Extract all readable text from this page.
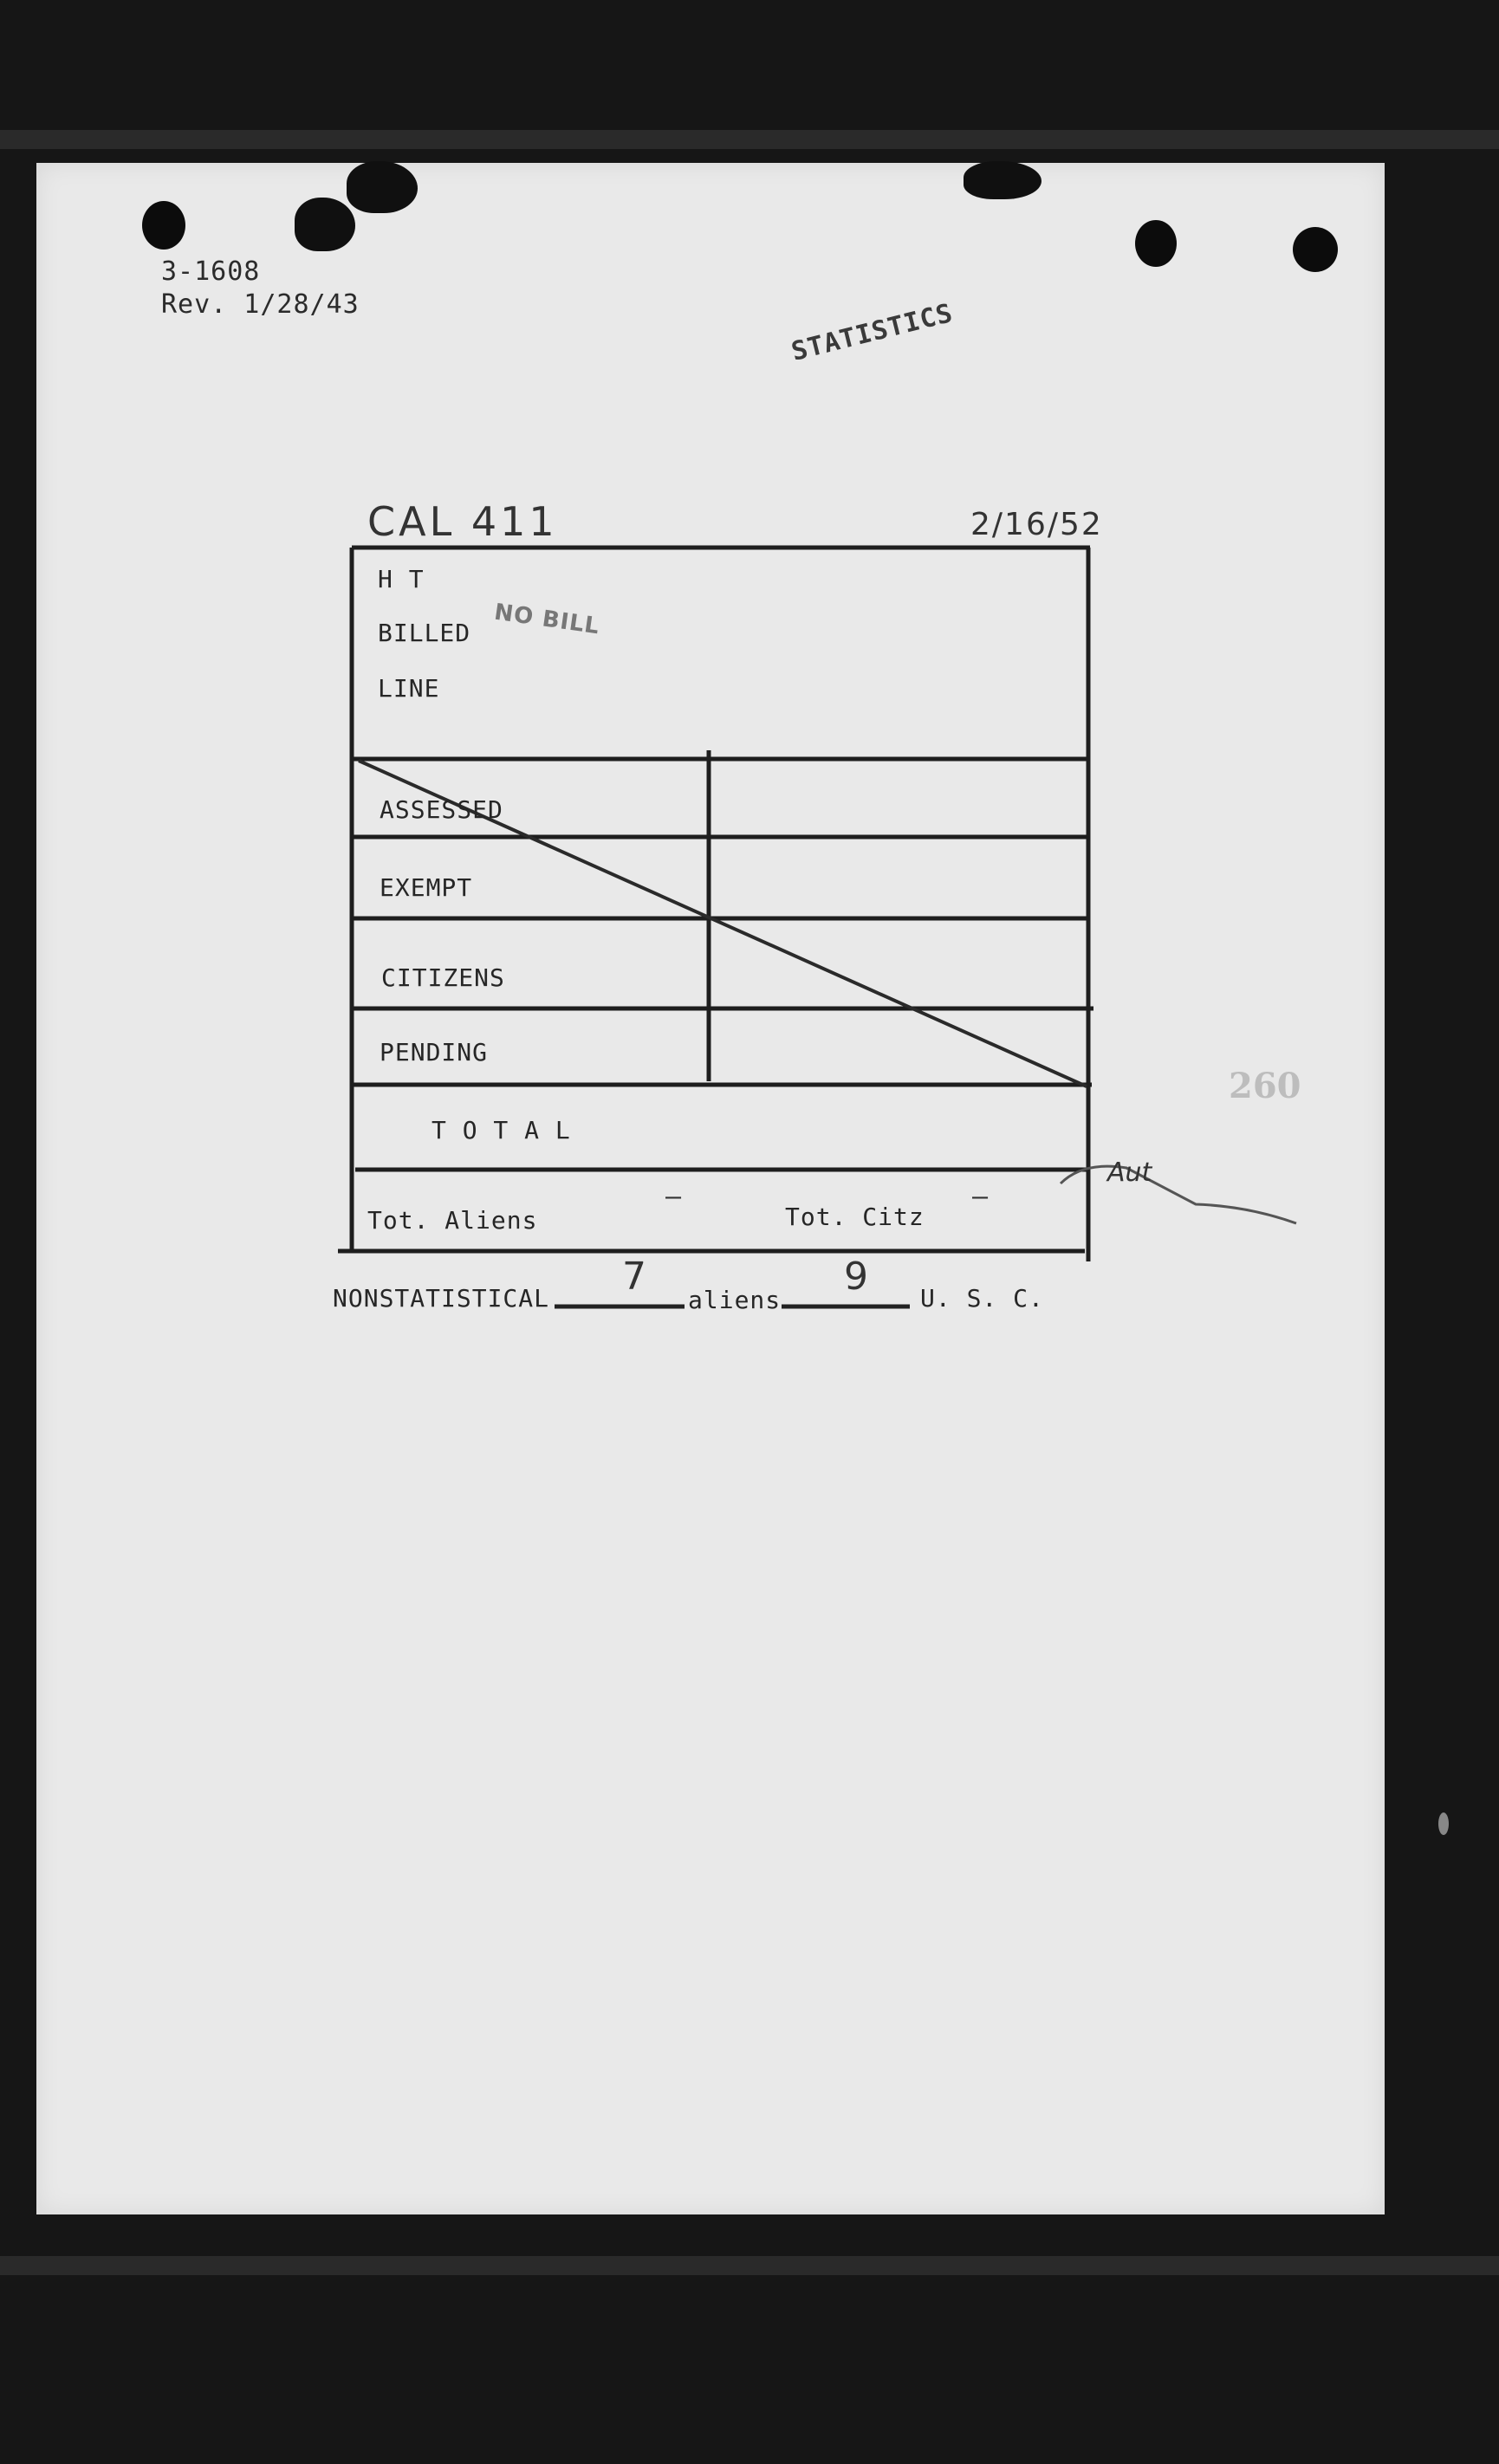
3-1608
Rev. 1/28/43	STATISTICS
CAL 411	2/16/52
H T
BILLED
LINE
NO BILL
ASSESSED
EXEMPT
CITIZENS
PENDING
T O T A L
Tot. Aliens
—
Tot. Citz
—
Aut
260
NONSTATISTICAL 7
aliens
9 U. S. C.
